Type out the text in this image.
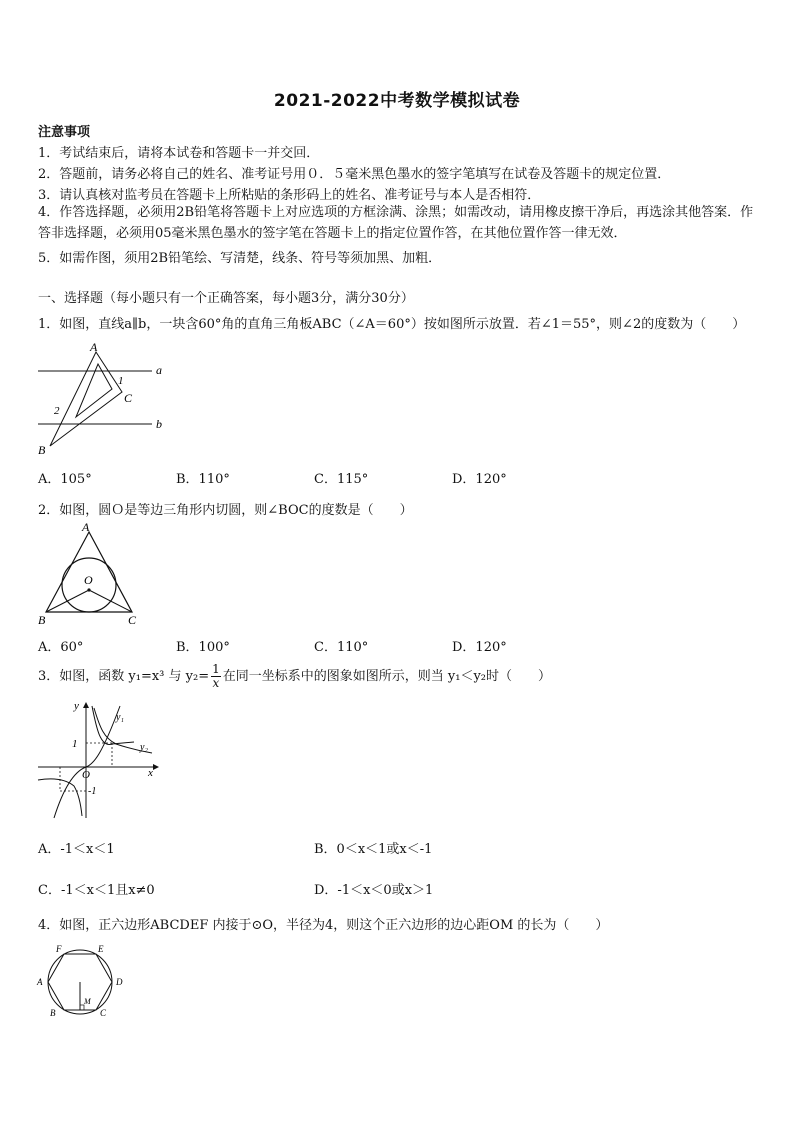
2021-2022中考数学模拟试卷
注意事项
1．考试结束后，请将本试卷和答题卡一并交回．
2．答题前，请务必将自己的姓名、准考证号用０．５毫米黑色墨水的签字笔填写在试卷及答题卡的规定位置．
3．请认真核对监考员在答题卡上所粘贴的条形码上的姓名、准考证号与本人是否相符．
4．作答选择题，必须用2B铅笔将答题卡上对应选项的方框涂满、涂黑；如需改动，请用橡皮擦干净后，再选涂其他答案．作答非选择题，必须用05毫米黑色墨水的签字笔在答题卡上的指定位置作答，在其他位置作答一律无效．
5．如需作图，须用2B铅笔绘、写清楚，线条、符号等须加黑、加粗．
一、选择题（每小题只有一个正确答案，每小题3分，满分30分）
1．如图，直线a∥b，一块含60°角的直角三角板ABC（∠A＝60°）按如图所示放置．若∠1＝55°，则∠2的度数为（　　）
A
a
1
C
2
b
B
A．105°	B．110°	C．115°	D．120°
2．如图，圆Ｏ是等边三角形内切圆，则∠BOC的度数是（　　）
A
O
B	C
A．60°	B．100°	C．110°	D．120°
3．如图，函数 y₁=x³ 与 $y_2= \frac{1}{x}$ 在同一坐标系中的图象如图所示，则当 y₁＜y₂时（　　）
y
y₁
1	y₂
O	x
-1
A．-1＜x＜1	B．0＜x＜1或x＜-1
C．-1＜x＜1且x≠0	D．-1＜x＜0或x＞1
4．如图，正六边形ABCDEF 内接于⊙O，半径为4，则这个正六边形的边心距OM 的长为（　　）
F	E
A	D
M
B	C
